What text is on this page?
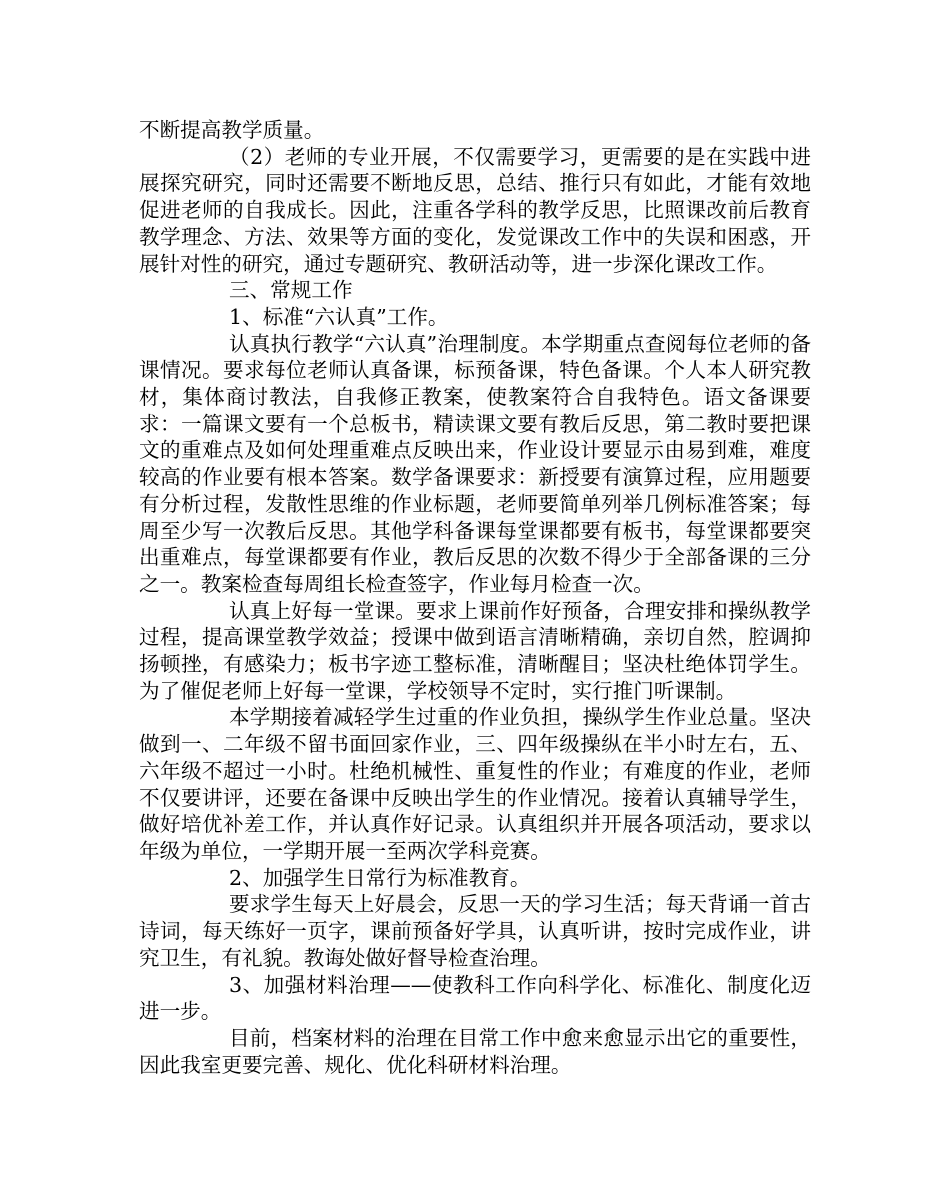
不断提高教学质量。

（2）老师的专业开展，不仅需要学习，更需要的是在实践中进展探究研究，同时还需要不断地反思，总结、推行只有如此，才能有效地促进老师的自我成长。因此，注重各学科的教学反思，比照课改前后教育教学理念、方法、效果等方面的变化，发觉课改工作中的失误和困惑，开展针对性的研究，通过专题研究、教研活动等，进一步深化课改工作。

三、常规工作

1、标准“六认真”工作。

认真执行教学“六认真”治理制度。本学期重点查阅每位老师的备课情况。要求每位老师认真备课，标预备课，特色备课。个人本人研究教材，集体商讨教法，自我修正教案，使教案符合自我特色。语文备课要求：一篇课文要有一个总板书，精读课文要有教后反思，第二教时要把课文的重难点及如何处理重难点反映出来，作业设计要显示由易到难，难度较高的作业要有根本答案。数学备课要求：新授要有演算过程，应用题要有分析过程，发散性思维的作业标题，老师要简单列举几例标准答案；每周至少写一次教后反思。其他学科备课每堂课都要有板书，每堂课都要突出重难点，每堂课都要有作业，教后反思的次数不得少于全部备课的三分之一。教案检查每周组长检查签字，作业每月检查一次。

认真上好每一堂课。要求上课前作好预备，合理安排和操纵教学过程，提高课堂教学效益；授课中做到语言清晰精确，亲切自然，腔调抑扬顿挫，有感染力；板书字迹工整标准，清晰醒目；坚决杜绝体罚学生。为了催促老师上好每一堂课，学校领导不定时，实行推门听课制。

本学期接着减轻学生过重的作业负担，操纵学生作业总量。坚决做到一、二年级不留书面回家作业，三、四年级操纵在半小时左右，五、六年级不超过一小时。杜绝机械性、重复性的作业；有难度的作业，老师不仅要讲评，还要在备课中反映出学生的作业情况。接着认真辅导学生，做好培优补差工作，并认真作好记录。认真组织并开展各项活动，要求以年级为单位，一学期开展一至两次学科竞赛。

2、加强学生日常行为标准教育。

要求学生每天上好晨会，反思一天的学习生活；每天背诵一首古诗词，每天练好一页字，课前预备好学具，认真听讲，按时完成作业，讲究卫生，有礼貌。教诲处做好督导检查治理。

3、加强材料治理——使教科工作向科学化、标准化、制度化迈进一步。

目前，档案材料的治理在目常工作中愈来愈显示出它的重要性，因此我室更要完善、规化、优化科研材料治理。
